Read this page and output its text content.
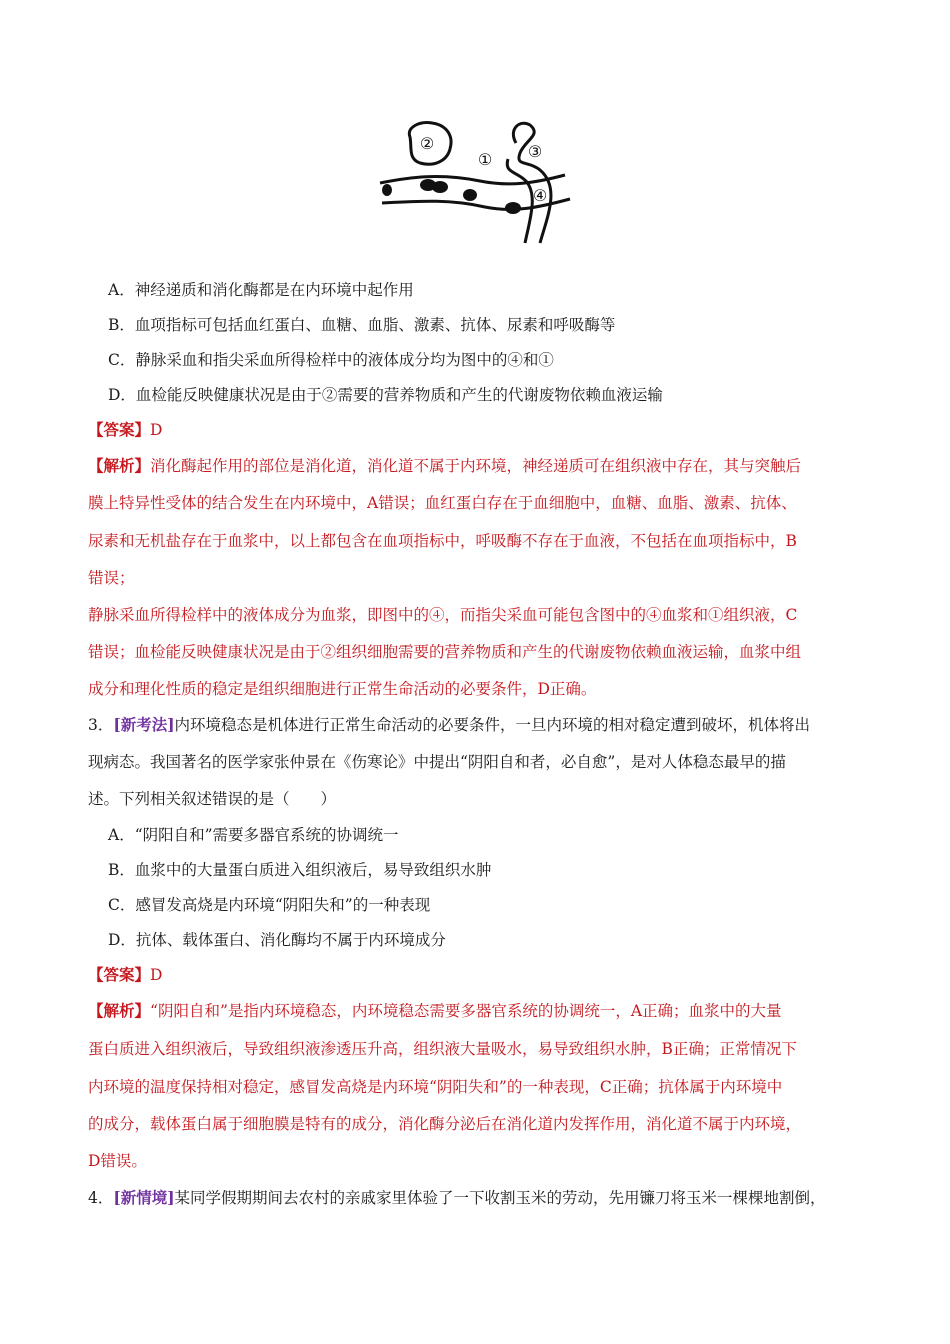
②
① ③
④
A．神经递质和消化酶都是在内环境中起作用
B．血项指标可包括血红蛋白、血糖、血脂、激素、抗体、尿素和呼吸酶等
C．静脉采血和指尖采血所得检样中的液体成分均为图中的④和①
D．血检能反映健康状况是由于②需要的营养物质和产生的代谢废物依赖血液运输
【答案】D
【解析】消化酶起作用的部位是消化道，消化道不属于内环境，神经递质可在组织液中存在，其与突触后
膜上特异性受体的结合发生在内环境中，A错误；血红蛋白存在于血细胞中，血糖、血脂、激素、抗体、
尿素和无机盐存在于血浆中，以上都包含在血项指标中，呼吸酶不存在于血液，不包括在血项指标中，B
错误；
静脉采血所得检样中的液体成分为血浆，即图中的④，而指尖采血可能包含图中的④血浆和①组织液，C
错误；血检能反映健康状况是由于②组织细胞需要的营养物质和产生的代谢废物依赖血液运输，血浆中组
成分和理化性质的稳定是组织细胞进行正常生命活动的必要条件，D正确。
3．[新考法]内环境稳态是机体进行正常生命活动的必要条件，一旦内环境的相对稳定遭到破坏，机体将出
现病态。我国著名的医学家张仲景在《伤寒论》中提出“阴阳自和者，必自愈”，是对人体稳态最早的描
述。下列相关叙述错误的是（　　）
A．“阴阳自和”需要多器官系统的协调统一
B．血浆中的大量蛋白质进入组织液后，易导致组织水肿
C．感冒发高烧是内环境“阴阳失和”的一种表现
D．抗体、载体蛋白、消化酶均不属于内环境成分
【答案】D
【解析】“阴阳自和”是指内环境稳态，内环境稳态需要多器官系统的协调统一，A正确；血浆中的大量
蛋白质进入组织液后，导致组织液渗透压升高，组织液大量吸水，易导致组织水肿，B正确；正常情况下
内环境的温度保持相对稳定，感冒发高烧是内环境“阴阳失和”的一种表现，C正确；抗体属于内环境中
的成分，载体蛋白属于细胞膜是特有的成分，消化酶分泌后在消化道内发挥作用，消化道不属于内环境，
D错误。
4．[新情境]某同学假期期间去农村的亲戚家里体验了一下收割玉米的劳动，先用镰刀将玉米一棵棵地割倒，
